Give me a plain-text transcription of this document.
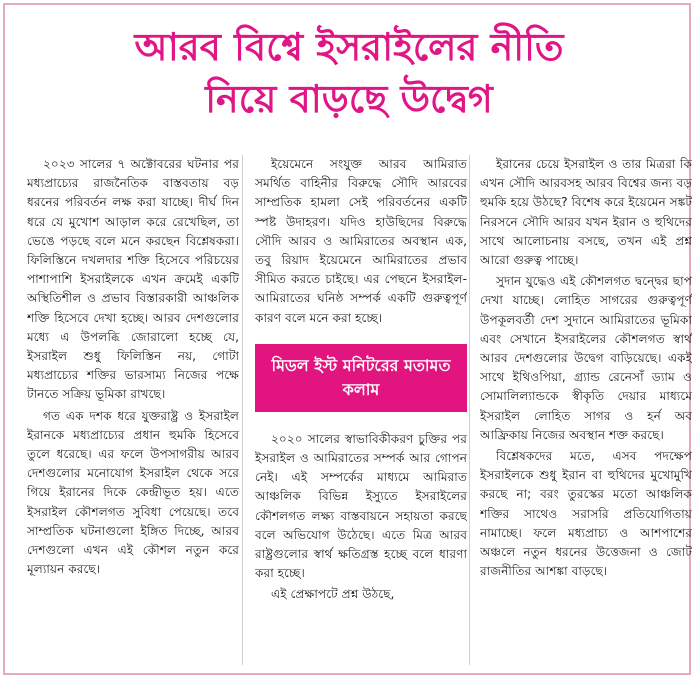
আরব বিশ্বে ইসরাইলের নীতি
নিয়ে বাড়ছে উদ্বেগ

২০২৩ সালের ৭ অক্টোবরের ঘটনার পর মধ্যপ্রাচ্যের রাজনৈতিক বাস্তবতায় বড় ধরনের পরিবর্তন লক্ষ করা যাচ্ছে। দীর্ঘ দিন ধরে যে মুখোশ আড়াল করে রেখেছিল, তা ভেঙে পড়ছে বলে মনে করছেন বিশ্লেষকরা। ফিলিস্তিনে দখলদার শক্তি হিসেবে পরিচয়ের পাশাপাশি ইসরাইলকে এখন ক্রমেই একটি অস্থিতিশীল ও প্রভাব বিস্তারকারী আঞ্চলিক শক্তি হিসেবে দেখা হচ্ছে। আরব দেশগুলোর মধ্যে এ উপলব্ধি জোরালো হচ্ছে যে, ইসরাইল শুধু ফিলিস্তিন নয়, গোটা মধ্যপ্রাচ্যের শক্তির ভারসাম্য নিজের পক্ষে টানতে সক্রিয় ভূমিকা রাখছে।

গত এক দশক ধরে যুক্তরাষ্ট্র ও ইসরাইল ইরানকে মধ্যপ্রাচ্যের প্রধান হুমকি হিসেবে তুলে ধরেছে। এর ফলে উপসাগরীয় আরব দেশগুলোর মনোযোগ ইসরাইল থেকে সরে গিয়ে ইরানের দিকে কেন্দ্রীভূত হয়। এতে ইসরাইল কৌশলগত সুবিধা পেয়েছে। তবে সাম্প্রতিক ঘটনাগুলো ইঙ্গিত দিচ্ছে, আরব দেশগুলো এখন এই কৌশল নতুন করে মূল্যায়ন করছে।

ইয়েমেনে সংযুক্ত আরব আমিরাত সমর্থিত বাহিনীর বিরুদ্ধে সৌদি আরবের সাম্প্রতিক হামলা সেই পরিবর্তনের একটি স্পষ্ট উদাহরণ। যদিও হাউছিদের বিরুদ্ধে সৌদি আরব ও আমিরাতের অবস্থান এক, তবু রিয়াদ ইয়েমেনে আমিরাতের প্রভাব সীমিত করতে চাইছে। এর পেছনে ইসরাইল-আমিরাতের ঘনিষ্ঠ সম্পর্ক একটি গুরুত্বপূর্ণ কারণ বলে মনে করা হচ্ছে।

মিডল ইস্ট মনিটরের মতামত কলাম

২০২০ সালের স্বাভাবিকীকরণ চুক্তির পর ইসরাইল ও আমিরাতের সম্পর্ক আর গোপন নেই। এই সম্পর্কের মাধ্যমে আমিরাত আঞ্চলিক বিভিন্ন ইস্যুতে ইসরাইলের কৌশলগত লক্ষ্য বাস্তবায়নে সহায়তা করছে বলে অভিযোগ উঠেছে। এতে মিত্র আরব রাষ্ট্রগুলোর স্বার্থ ক্ষতিগ্রস্ত হচ্ছে বলে ধারণা করা হচ্ছে।

এই প্রেক্ষাপটে প্রশ্ন উঠছে,

ইরানের চেয়ে ইসরাইল ও তার মিত্ররা কি এখন সৌদি আরবসহ আরব বিশ্বের জন্য বড় হুমকি হয়ে উঠছে? বিশেষ করে ইয়েমেন সঙ্কট নিরসনে সৌদি আরব যখন ইরান ও হুথিদের সাথে আলোচনায় বসছে, তখন এই প্রশ্ন আরো গুরুত্ব পাচ্ছে।

সুদান যুদ্ধেও এই কৌশলগত দ্বন্দ্বের ছাপ দেখা যাচ্ছে। লোহিত সাগরের গুরুত্বপূর্ণ উপকূলবর্তী দেশ সুদানে আমিরাতের ভূমিকা এবং সেখানে ইসরাইলের কৌশলগত স্বার্থ আরব দেশগুলোর উদ্বেগ বাড়িয়েছে। একই সাথে ইথিওপিয়া, গ্র্যান্ড রেনেসাঁ ড্যাম ও সোমালিল্যান্ডকে স্বীকৃতি দেয়ার মাধ্যমে ইসরাইল লোহিত সাগর ও হর্ন অব আফ্রিকায় নিজের অবস্থান শক্ত করছে।

বিশ্লেষকদের মতে, এসব পদক্ষেপ ইসরাইলকে শুধু ইরান বা হুথিদের মুখোমুখি করছে না; বরং তুরস্কের মতো আঞ্চলিক শক্তির সাথেও সরাসরি প্রতিযোগিতায় নামাচ্ছে। ফলে মধ্যপ্রাচ্য ও আশপাশের অঞ্চলে নতুন ধরনের উত্তেজনা ও জোট রাজনীতির আশঙ্কা বাড়ছে।
